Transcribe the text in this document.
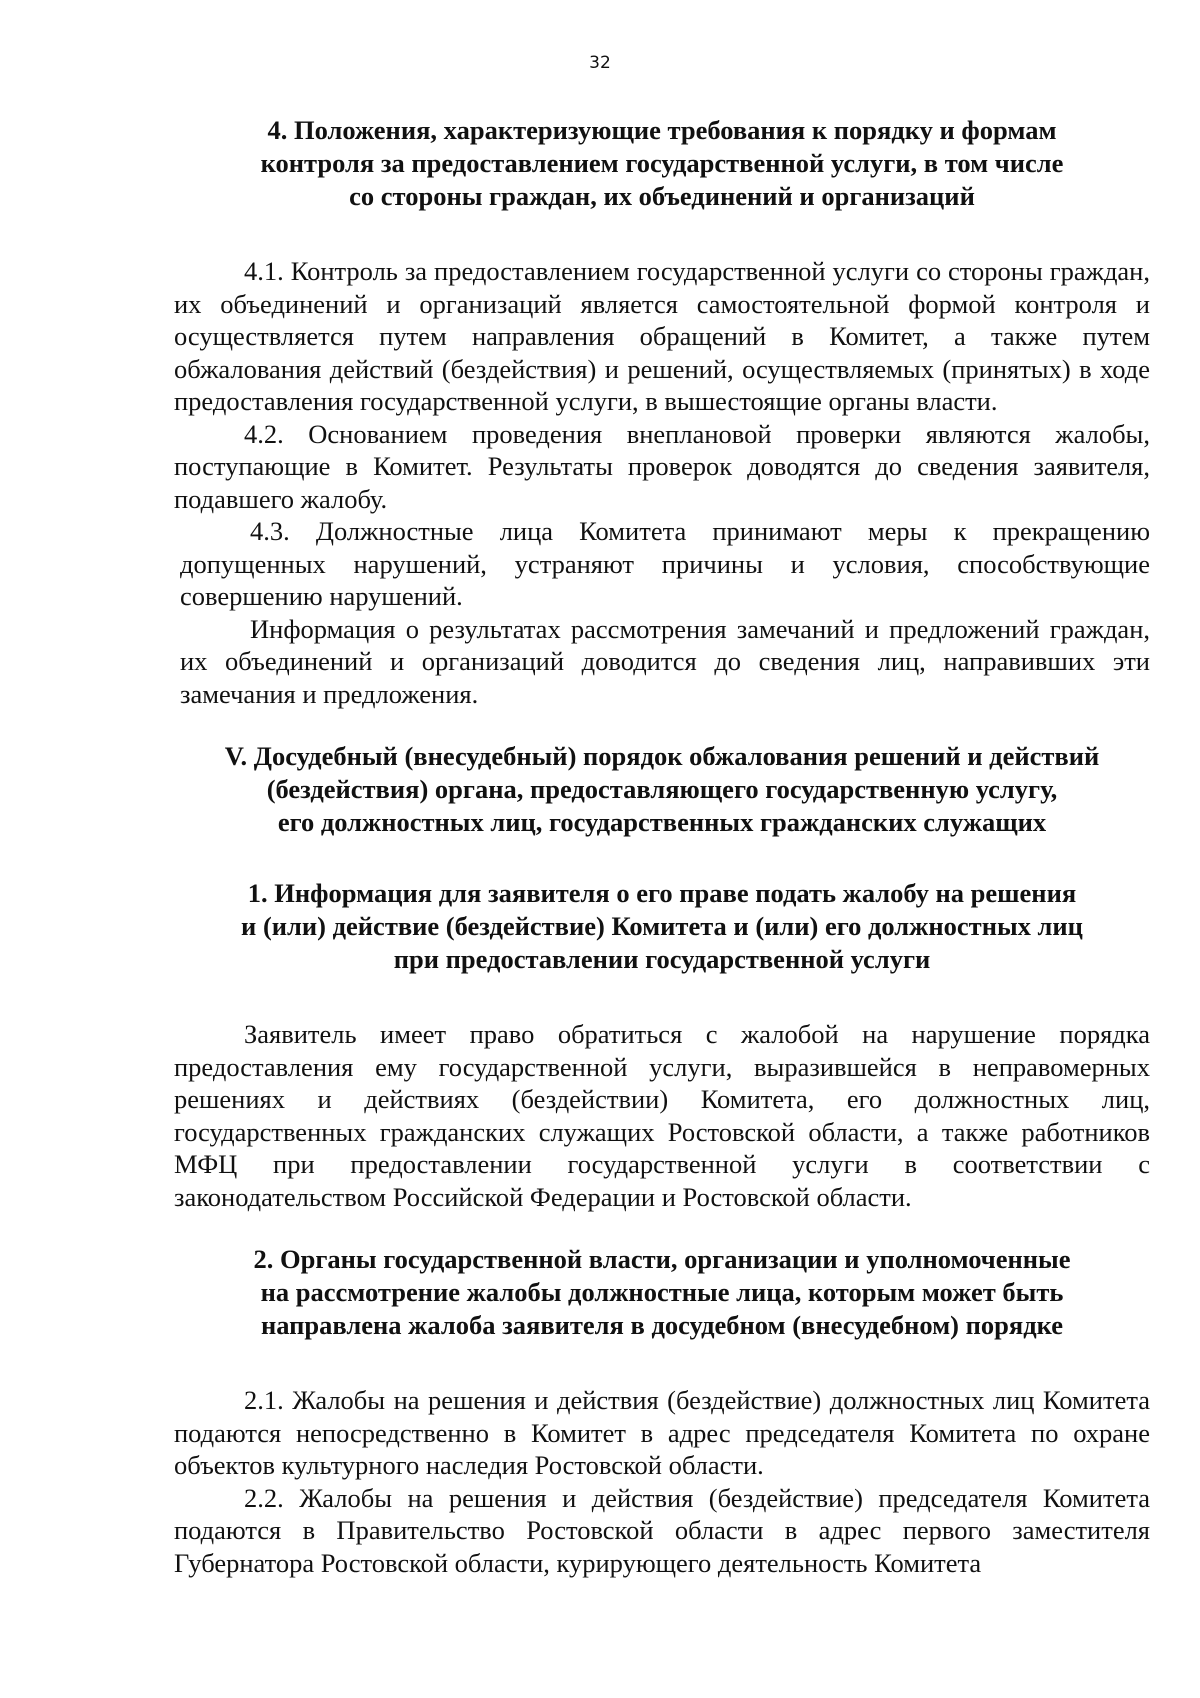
32
4. Положения, характеризующие требования к порядку и формам
контроля за предоставлением государственной услуги, в том числе
со стороны граждан, их объединений и организаций

4.1. Контроль за предоставлением государственной услуги со стороны граждан, их объединений и организаций является самостоятельной формой контроля и осуществляется путем направления обращений в Комитет, а также путем обжалования действий (бездействия) и решений, осуществляемых (принятых) в ходе предоставления государственной услуги, в вышестоящие органы власти.

4.2. Основанием проведения внеплановой проверки являются жалобы, поступающие в Комитет. Результаты проверок доводятся до сведения заявителя, подавшего жалобу.

4.3. Должностные лица Комитета принимают меры к прекращению допущенных нарушений, устраняют причины и условия, способствующие совершению нарушений.

Информация о результатах рассмотрения замечаний и предложений граждан, их объединений и организаций доводится до сведения лиц, направивших эти замечания и предложения.

V. Досудебный (внесудебный) порядок обжалования решений и действий
(бездействия) органа, предоставляющего государственную услугу,
его должностных лиц, государственных гражданских служащих
1. Информация для заявителя о его праве подать жалобу на решения
и (или) действие (бездействие) Комитета и (или) его должностных лиц
при предоставлении государственной услуги

Заявитель имеет право обратиться с жалобой на нарушение порядка предоставления ему государственной услуги, выразившейся в неправомерных решениях и действиях (бездействии) Комитета, его должностных лиц, государственных гражданских служащих Ростовской области, а также работников МФЦ при предоставлении государственной услуги в соответствии с законодательством Российской Федерации и Ростовской области.

2. Органы государственной власти, организации и уполномоченные
на рассмотрение жалобы должностные лица, которым может быть
направлена жалоба заявителя в досудебном (внесудебном) порядке

2.1. Жалобы на решения и действия (бездействие) должностных лиц Комитета подаются непосредственно в Комитет в адрес председателя Комитета по охране объектов культурного наследия Ростовской области.

2.2. Жалобы на решения и действия (бездействие) председателя Комитета подаются в Правительство Ростовской области в адрес первого заместителя Губернатора Ростовской области, курирующего деятельность Комитета
